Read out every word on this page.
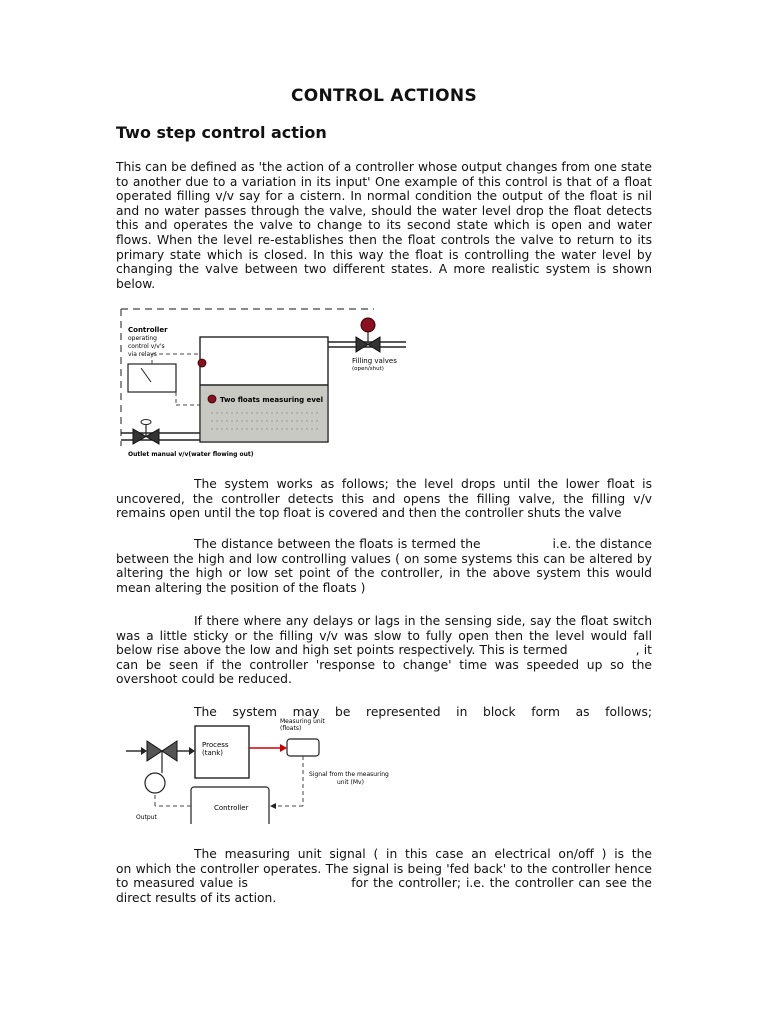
CONTROL ACTIONS
Two step control action

This can be defined as 'the action of a controller whose output changes from one state to another due to a variation in its input' One example of this control is that of a float operated filling v/v say for a cistern. In normal condition the output of the float is nil and no water passes through the valve, should the water level drop the float detects this and operates the valve to change to its second state which is open and water flows. When the level re-establishes then the float controls the valve to return to its primary state which is closed. In this way the float is controlling the water level by changing the valve between two different states. A more realistic system is shown below.

Controller
operating
control v/v's
via relays
Two floats measuring evel
Filling valves
(open/shut)
Outlet manual v/v(water flowing out)

The system works as follows; the level drops until the lower float is uncovered, the controller detects this and opens the filling valve, the filling v/v remains open until the top float is covered and then the controller shuts the valve

The distance between the floats is termed the                 i.e. the distance between the high and low controlling values ( on some systems this can be altered by altering the high or low set point of the controller, in the above system this would mean altering the position of the floats )

If there where any delays or lags in the sensing side, say the float switch was a little sticky or the filling v/v was slow to fully open then the level would fall below rise above the low and high set points respectively. This is termed                , it can be seen if the controller 'response to change' time was speeded up so the overshoot could be reduced.

The system may be represented in block form as follows;

Process
(tank)
Measuring unit
(floats)
Signal from the measuring
unit (Mv)
Controller
Output

The measuring unit signal ( in this case an electrical on/off ) is the               on which the controller operates. The signal is being 'fed back' to the controller hence to measured value is                     for the controller; i.e. the controller can see the direct results of its action.
